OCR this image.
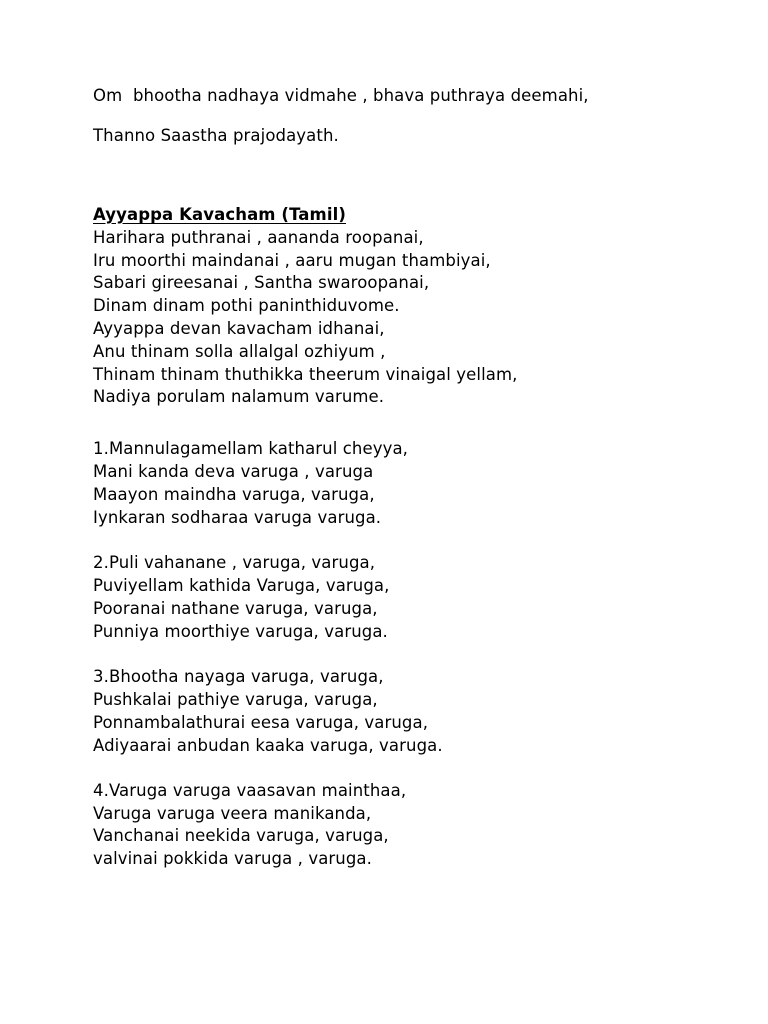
Om  bhootha nadhaya vidmahe , bhava puthraya deemahi,
Thanno Saastha prajodayath.
Ayyappa Kavacham (Tamil)
Harihara puthranai , aananda roopanai,
Iru moorthi maindanai , aaru mugan thambiyai,
Sabari gireesanai , Santha swaroopanai,
Dinam dinam pothi paninthiduvome.
Ayyappa devan kavacham idhanai,
Anu thinam solla allalgal ozhiyum ,
Thinam thinam thuthikka theerum vinaigal yellam,
Nadiya porulam nalamum varume.
1.Mannulagamellam katharul cheyya,
Mani kanda deva varuga , varuga
Maayon maindha varuga, varuga,
Iynkaran sodharaa varuga varuga.
2.Puli vahanane , varuga, varuga,
Puviyellam kathida Varuga, varuga,
Pooranai nathane varuga, varuga,
Punniya moorthiye varuga, varuga.
3.Bhootha nayaga varuga, varuga,
Pushkalai pathiye varuga, varuga,
Ponnambalathurai eesa varuga, varuga,
Adiyaarai anbudan kaaka varuga, varuga.
4.Varuga varuga vaasavan mainthaa,
Varuga varuga veera manikanda,
Vanchanai neekida varuga, varuga,
valvinai pokkida varuga , varuga.
